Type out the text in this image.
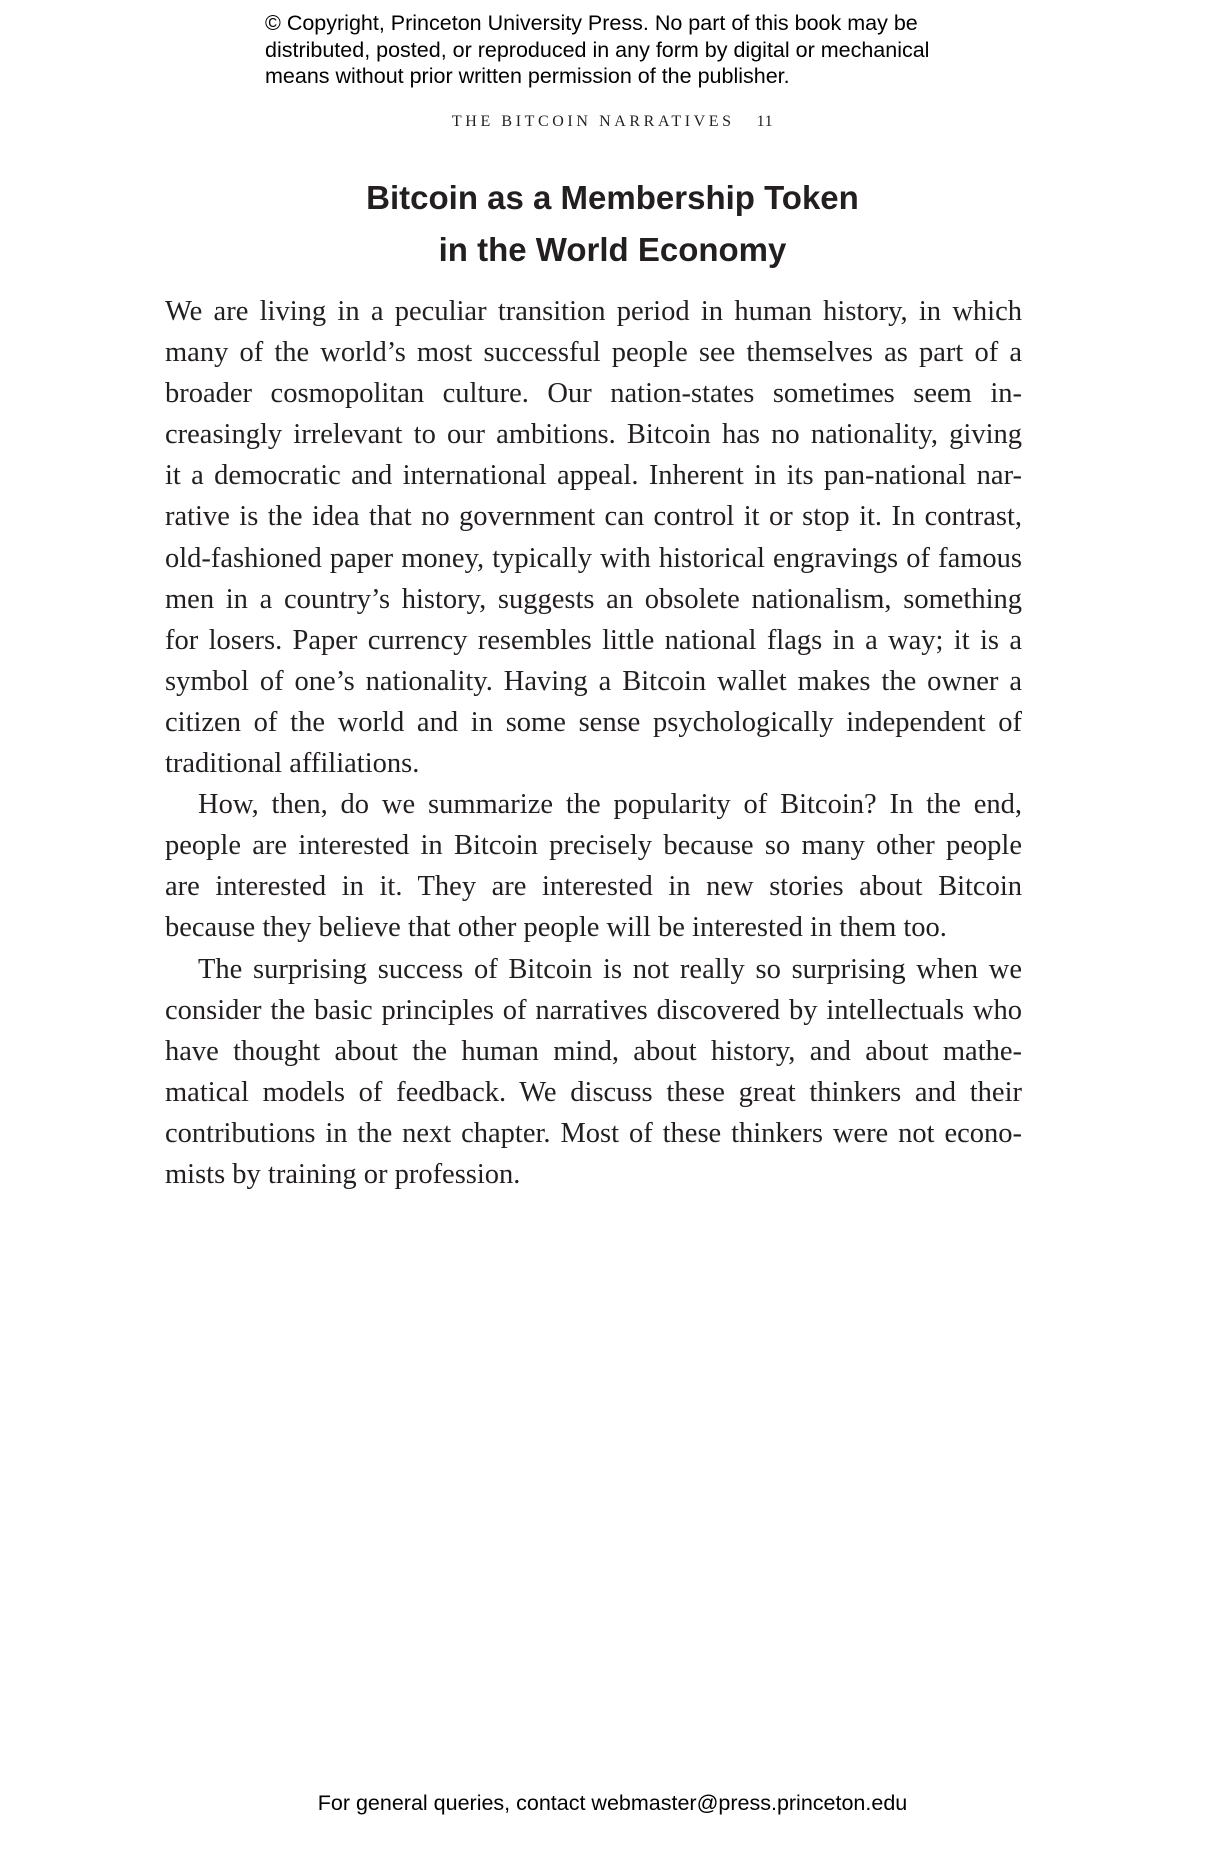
© Copyright, Princeton University Press. No part of this book may be
distributed, posted, or reproduced in any form by digital or mechanical
means without prior written permission of the publisher.
THE BITCOIN NARRATIVES 11
Bitcoin as a Membership Token
in the World Economy
We are living in a peculiar transition period in human history, in which
many of the world’s most successful people see themselves as part of a
broader cosmopolitan culture. Our nation-states sometimes seem in-
creasingly irrelevant to our ambitions. Bitcoin has no nationality, giving
it a democratic and international appeal. Inherent in its pan-national nar-
rative is the idea that no government can control it or stop it. In contrast,
old-fashioned paper money, typically with historical engravings of famous
men in a country’s history, suggests an obsolete nationalism, something
for losers. Paper currency resembles little national flags in a way; it is a
symbol of one’s nationality. Having a Bitcoin wallet makes the owner a
citizen of the world and in some sense psychologically independent of
traditional affiliations.
How, then, do we summarize the popularity of Bitcoin? In the end,
people are interested in Bitcoin precisely because so many other people
are interested in it. They are interested in new stories about Bitcoin
because they believe that other people will be interested in them too.
The surprising success of Bitcoin is not really so surprising when we
consider the basic principles of narratives discovered by intellectuals who
have thought about the human mind, about history, and about mathe-
matical models of feedback. We discuss these great thinkers and their
contributions in the next chapter. Most of these thinkers were not econo-
mists by training or profession.
For general queries, contact webmaster@press.princeton.edu
